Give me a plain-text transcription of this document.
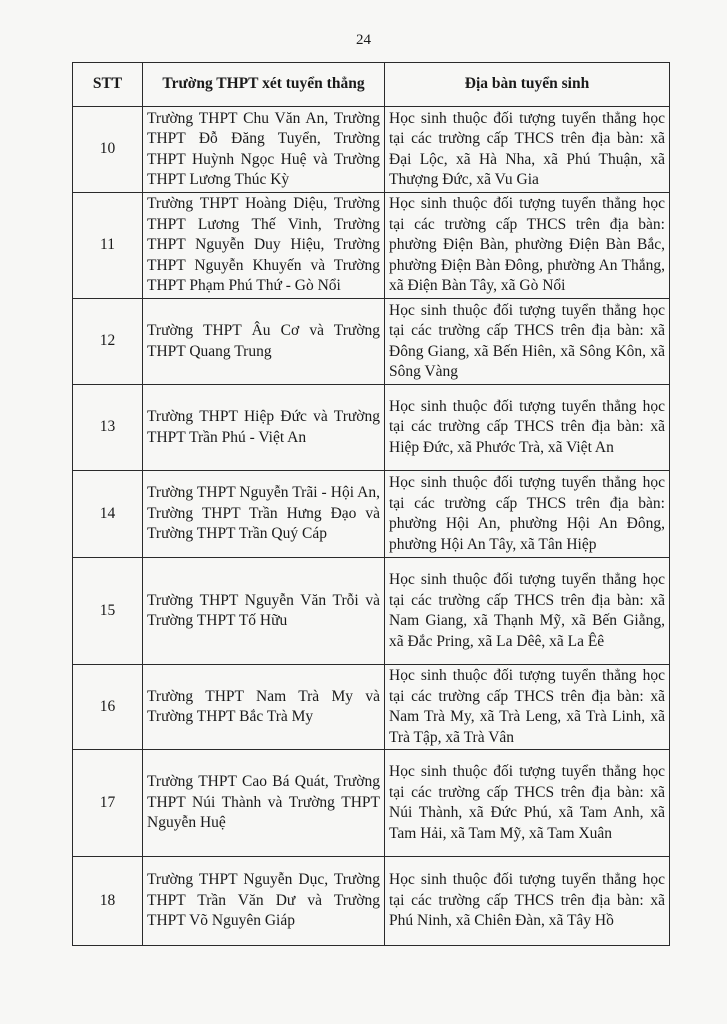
24
STT	Trường THPT xét tuyển thẳng	Địa bàn tuyển sinh
10	Trường THPT Chu Văn An, Trường THPT Đỗ Đăng Tuyển, Trường THPT Huỳnh Ngọc Huệ và Trường THPT Lương Thúc Kỳ	Học sinh thuộc đối tượng tuyển thẳng học tại các trường cấp THCS trên địa bàn: xã Đại Lộc, xã Hà Nha, xã Phú Thuận, xã Thượng Đức, xã Vu Gia
11	Trường THPT Hoàng Diệu, Trường THPT Lương Thế Vinh, Trường THPT Nguyễn Duy Hiệu, Trường THPT Nguyễn Khuyến và Trường THPT Phạm Phú Thứ - Gò Nổi	Học sinh thuộc đối tượng tuyển thẳng học tại các trường cấp THCS trên địa bàn: phường Điện Bàn, phường Điện Bàn Bắc, phường Điện Bàn Đông, phường An Thắng, xã Điện Bàn Tây, xã Gò Nổi
12	Trường THPT Âu Cơ và Trường THPT Quang Trung	Học sinh thuộc đối tượng tuyển thẳng học tại các trường cấp THCS trên địa bàn: xã Đông Giang, xã Bến Hiên, xã Sông Kôn, xã Sông Vàng
13	Trường THPT Hiệp Đức và Trường THPT Trần Phú - Việt An	Học sinh thuộc đối tượng tuyển thẳng học tại các trường cấp THCS trên địa bàn: xã Hiệp Đức, xã Phước Trà, xã Việt An
14	Trường THPT Nguyễn Trãi - Hội An, Trường THPT Trần Hưng Đạo và Trường THPT Trần Quý Cáp	Học sinh thuộc đối tượng tuyển thẳng học tại các trường cấp THCS trên địa bàn: phường Hội An, phường Hội An Đông, phường Hội An Tây, xã Tân Hiệp
15	Trường THPT Nguyễn Văn Trỗi và Trường THPT Tố Hữu	Học sinh thuộc đối tượng tuyển thẳng học tại các trường cấp THCS trên địa bàn: xã Nam Giang, xã Thạnh Mỹ, xã Bến Giằng, xã Đắc Pring, xã La Dêê, xã La Êê
16	Trường THPT Nam Trà My và Trường THPT Bắc Trà My	Học sinh thuộc đối tượng tuyển thẳng học tại các trường cấp THCS trên địa bàn: xã Nam Trà My, xã Trà Leng, xã Trà Linh, xã Trà Tập, xã Trà Vân
17	Trường THPT Cao Bá Quát, Trường THPT Núi Thành và Trường THPT Nguyễn Huệ	Học sinh thuộc đối tượng tuyển thẳng học tại các trường cấp THCS trên địa bàn: xã Núi Thành, xã Đức Phú, xã Tam Anh, xã Tam Hải, xã Tam Mỹ, xã Tam Xuân
18	Trường THPT Nguyễn Dục, Trường THPT Trần Văn Dư và Trường THPT Võ Nguyên Giáp	Học sinh thuộc đối tượng tuyển thẳng học tại các trường cấp THCS trên địa bàn: xã Phú Ninh, xã Chiên Đàn, xã Tây Hồ
